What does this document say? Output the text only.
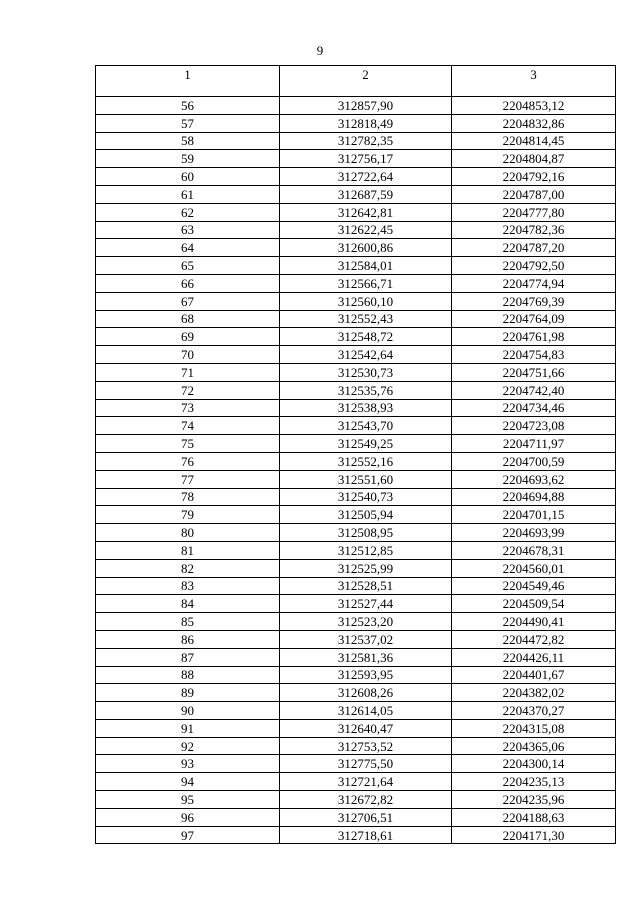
9
1	2	3
56	312857,90	2204853,12
57	312818,49	2204832,86
58	312782,35	2204814,45
59	312756,17	2204804,87
60	312722,64	2204792,16
61	312687,59	2204787,00
62	312642,81	2204777,80
63	312622,45	2204782,36
64	312600,86	2204787,20
65	312584,01	2204792,50
66	312566,71	2204774,94
67	312560,10	2204769,39
68	312552,43	2204764,09
69	312548,72	2204761,98
70	312542,64	2204754,83
71	312530,73	2204751,66
72	312535,76	2204742,40
73	312538,93	2204734,46
74	312543,70	2204723,08
75	312549,25	2204711,97
76	312552,16	2204700,59
77	312551,60	2204693,62
78	312540,73	2204694,88
79	312505,94	2204701,15
80	312508,95	2204693,99
81	312512,85	2204678,31
82	312525,99	2204560,01
83	312528,51	2204549,46
84	312527,44	2204509,54
85	312523,20	2204490,41
86	312537,02	2204472,82
87	312581,36	2204426,11
88	312593,95	2204401,67
89	312608,26	2204382,02
90	312614,05	2204370,27
91	312640,47	2204315,08
92	312753,52	2204365,06
93	312775,50	2204300,14
94	312721,64	2204235,13
95	312672,82	2204235,96
96	312706,51	2204188,63
97	312718,61	2204171,30
